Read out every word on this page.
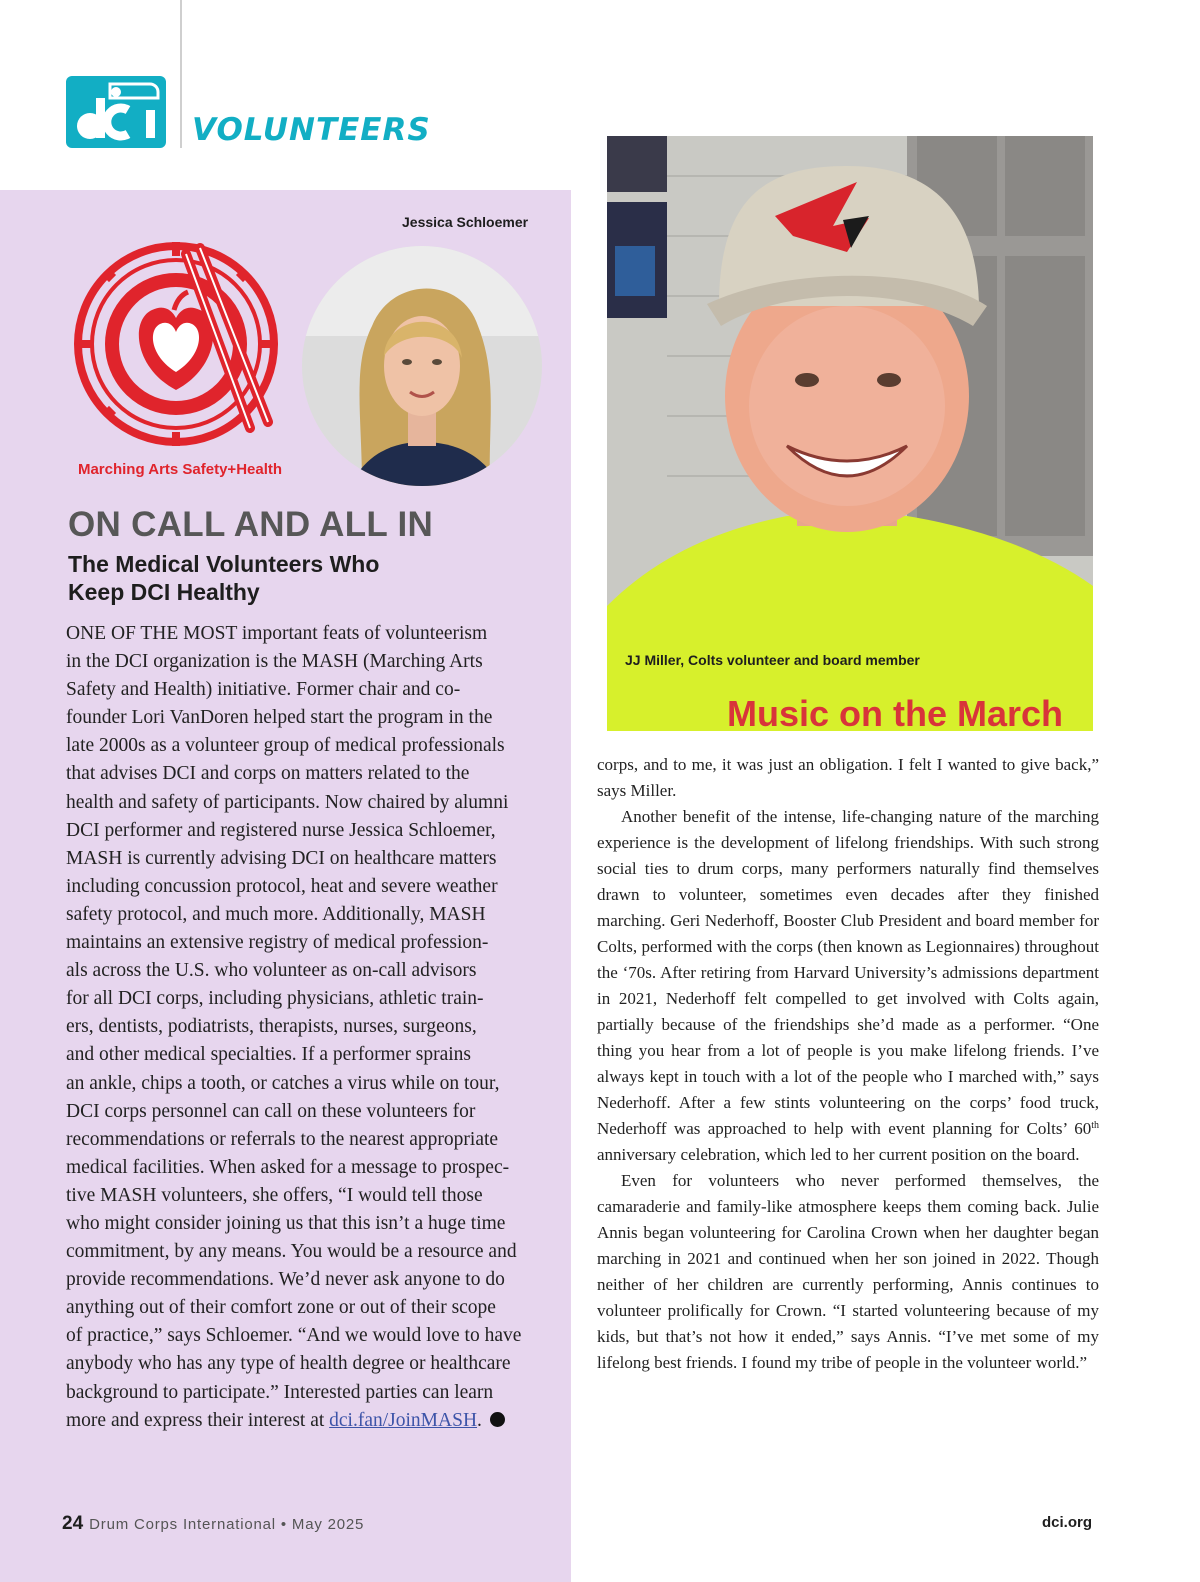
VOLUNTEERS
Marching Arts Safety+Health
Jessica Schloemer
ON CALL AND ALL IN
The Medical Volunteers Who
Keep DCI Healthy
ONE OF THE MOST important feats of volunteerism
in the DCI organization is the MASH (Marching Arts
Safety and Health) initiative. Former chair and co-
founder Lori VanDoren helped start the program in the
late 2000s as a volunteer group of medical professionals
that advises DCI and corps on matters related to the
health and safety of participants. Now chaired by alumni
DCI performer and registered nurse Jessica Schloemer,
MASH is currently advising DCI on healthcare matters
including concussion protocol, heat and severe weather
safety protocol, and much more. Additionally, MASH
maintains an extensive registry of medical profession-
als across the U.S. who volunteer as on-call advisors
for all DCI corps, including physicians, athletic train-
ers, dentists, podiatrists, therapists, nurses, surgeons,
and other medical specialties. If a performer sprains
an ankle, chips a tooth, or catches a virus while on tour,
DCI corps personnel can call on these volunteers for
recommendations or referrals to the nearest appropriate
medical facilities. When asked for a message to prospec-
tive MASH volunteers, she offers, “I would tell those
who might consider joining us that this isn’t a huge time
commitment, by any means. You would be a resource and
provide recommendations. We’d never ask anyone to do
anything out of their comfort zone or out of their scope
of practice,” says Schloemer. “And we would love to have
anybody who has any type of health degree or healthcare
background to participate.” Interested parties can learn
more and express their interest at dci.fan/JoinMASH.
Music on the March
JJ Miller, Colts volunteer and board member

corps, and to me, it was just an obligation. I felt I wanted to give back,” says Miller.

Another benefit of the intense, life-changing nature of the marching experience is the development of lifelong friendships. With such strong social ties to drum corps, many performers naturally find themselves drawn to volunteer, sometimes even decades after they finished marching. Geri Nederhoff, Booster Club President and board member for Colts, performed with the corps (then known as Legionnaires) throughout the ‘70s. After retiring from Harvard University’s admissions department in 2021, Nederhoff felt compelled to get involved with Colts again, partially because of the friendships she’d made as a performer. “One thing you hear from a lot of people is you make lifelong friends. I’ve always kept in touch with a lot of the people who I marched with,” says Nederhoff. After a few stints volunteering on the corps’ food truck, Nederhoff was approached to help with event planning for Colts’ 60th anniversary celebration, which led to her current position on the board.

Even for volunteers who never performed themselves, the camaraderie and family-like atmosphere keeps them coming back. Julie Annis began volunteering for Carolina Crown when her daughter began marching in 2021 and continued when her son joined in 2022. Though neither of her children are currently performing, Annis continues to volunteer prolifically for Crown. “I started volunteering because of my kids, but that’s not how it ended,” says Annis. “I’ve met some of my lifelong best friends. I found my tribe of people in the volunteer world.”

24 Drum Corps International • May 2025	dci.org
